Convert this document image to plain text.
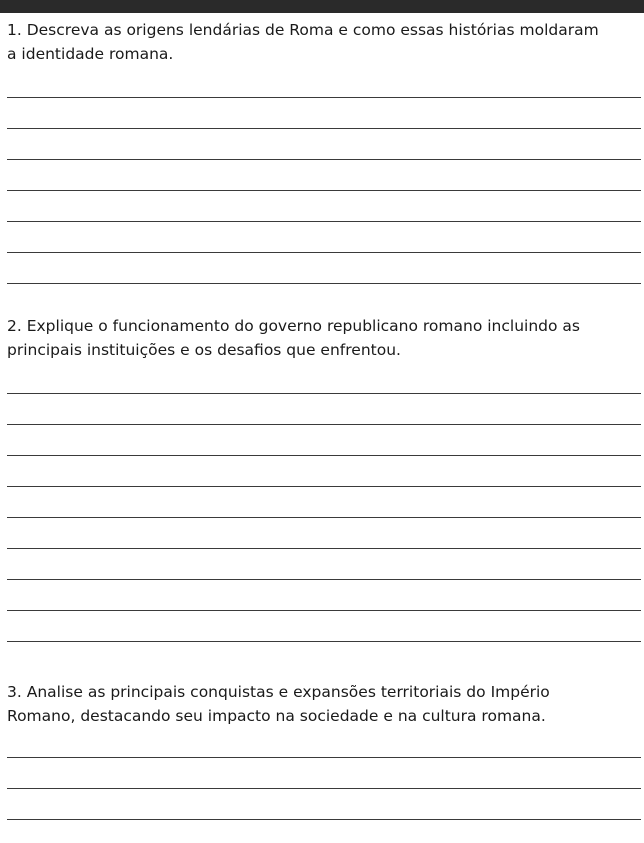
1. Descreva as origens lendárias de Roma e como essas histórias moldaram
a identidade romana.
2. Explique o funcionamento do governo republicano romano incluindo as
principais instituições e os desafios que enfrentou.
3. Analise as principais conquistas e expansões territoriais do Império
Romano, destacando seu impacto na sociedade e na cultura romana.
